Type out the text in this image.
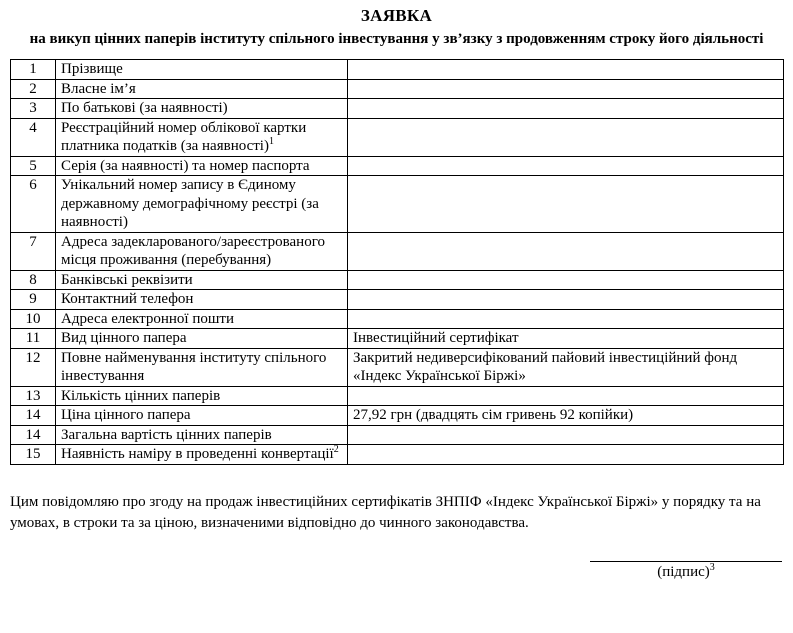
ЗАЯВКА
на викуп цінних паперів інституту спільного інвестування у зв’язку з продовженням строку його діяльності
1	Прізвище	
2	Власне ім’я	
3	По батькові (за наявності)	
4	Реєстраційний номер облікової картки платника податків (за наявності)$^1$	
5	Серія (за наявності) та номер паспорта	
6	Унікальний номер запису в Єдиному державному демографічному реєстрі (за наявності)	
7	Адреса задекларованого/зареєстрованого місця проживання (перебування)	
8	Банківські реквізити	
9	Контактний телефон	
10	Адреса електронної пошти	
11	Вид цінного папера	Інвестиційний сертифікат
12	Повне найменування інституту спільного інвестування	Закритий недиверсифікований пайовий інвестиційний фонд «Індекс Української Біржі»
13	Кількість цінних паперів	
14	Ціна цінного папера	27,92 грн (двадцять сім гривень 92 копійки)
14	Загальна вартість цінних паперів	
15	Наявність наміру в проведенні конвертації$^2$	

Цим повідомляю про згоду на продаж інвестиційних сертифікатів ЗНПІФ «Індекс Української Біржі» у порядку та на умовах, в строки та за ціною, визначеними відповідно до чинного законодавства.

(підпис)$^3$
